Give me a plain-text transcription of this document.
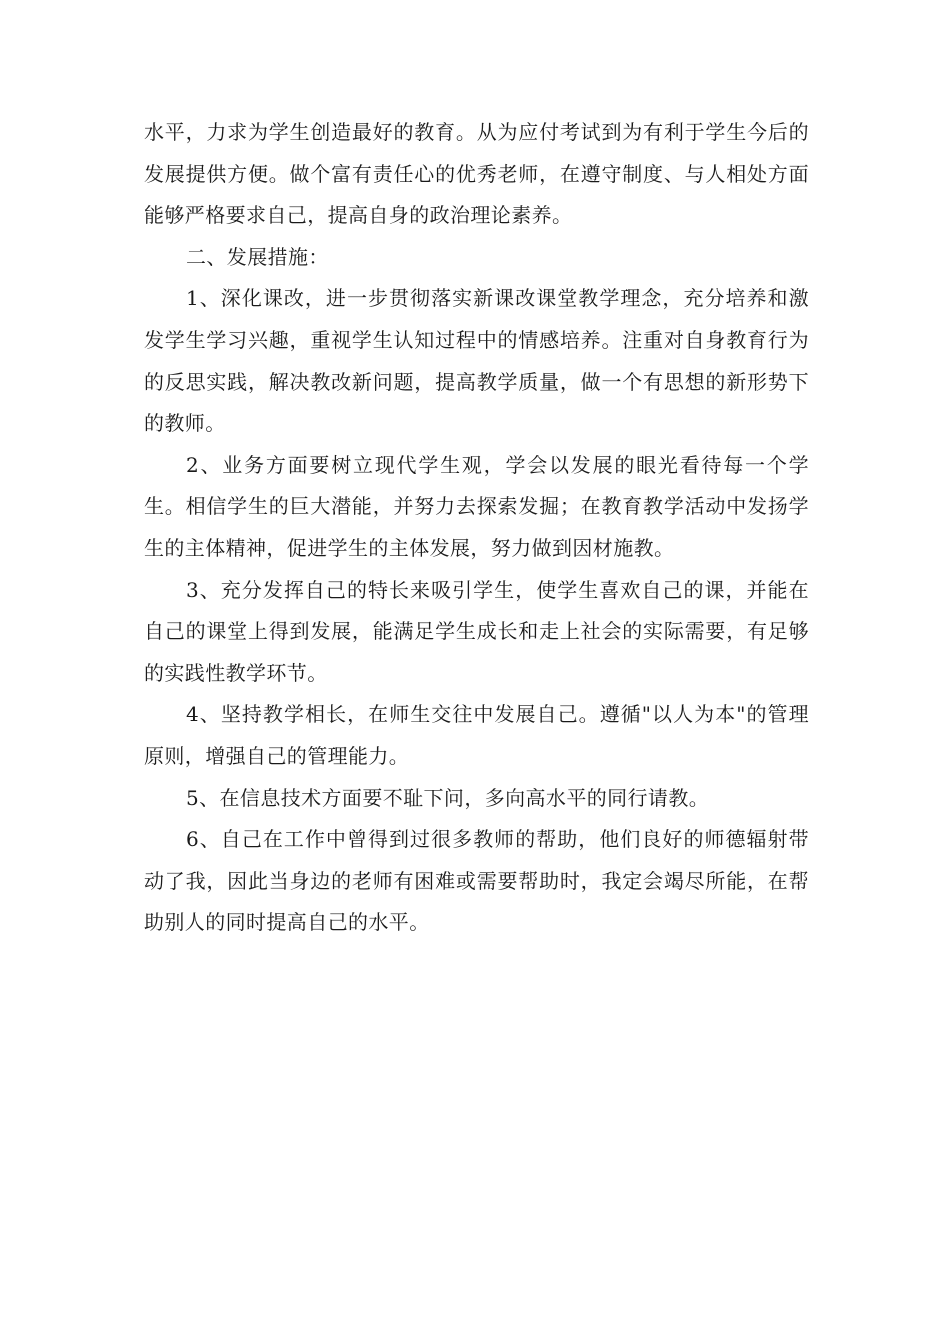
水平，力求为学生创造最好的教育。从为应付考试到为有利于学生今后的发展提供方便。做个富有责任心的优秀老师，在遵守制度、与人相处方面能够严格要求自己，提高自身的政治理论素养。

二、发展措施：

1、深化课改，进一步贯彻落实新课改课堂教学理念，充分培养和激发学生学习兴趣，重视学生认知过程中的情感培养。注重对自身教育行为的反思实践，解决教改新问题，提高教学质量，做一个有思想的新形势下的教师。

2、业务方面要树立现代学生观，学会以发展的眼光看待每一个学生。相信学生的巨大潜能，并努力去探索发掘；在教育教学活动中发扬学生的主体精神，促进学生的主体发展，努力做到因材施教。

3、充分发挥自己的特长来吸引学生，使学生喜欢自己的课，并能在自己的课堂上得到发展，能满足学生成长和走上社会的实际需要，有足够的实践性教学环节。

4、坚持教学相长，在师生交往中发展自己。遵循"以人为本"的管理原则，增强自己的管理能力。

5、在信息技术方面要不耻下问，多向高水平的同行请教。

6、自己在工作中曾得到过很多教师的帮助，他们良好的师德辐射带动了我，因此当身边的老师有困难或需要帮助时，我定会竭尽所能，在帮助别人的同时提高自己的水平。
